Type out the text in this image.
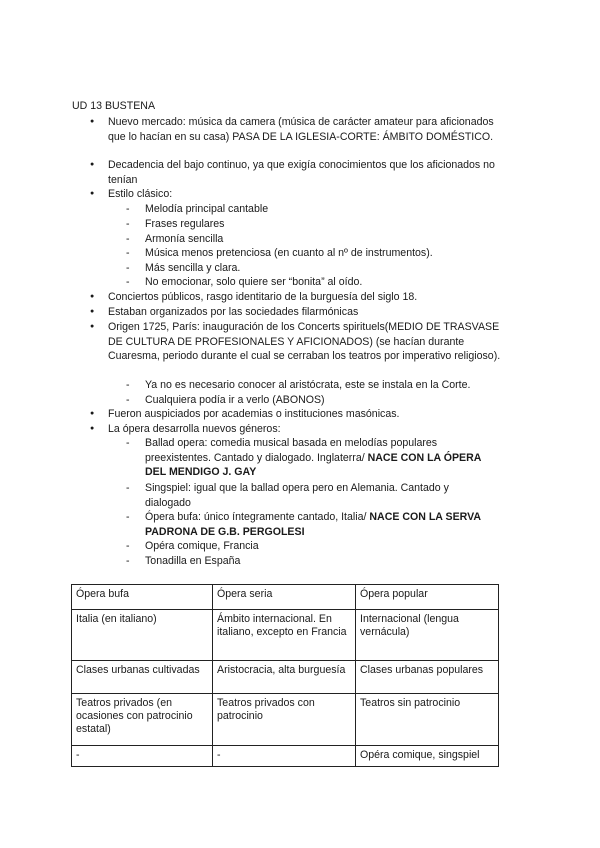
UD 13 BUSTENA
● Nuevo mercado: música da camera (música de carácter amateur para aficionados que lo hacían en su casa) PASA DE LA IGLESIA-CORTE: ÁMBITO DOMÉSTICO.
● Decadencia del bajo continuo, ya que exigía conocimientos que los aficionados no tenían
● Estilo clásico:
- Melodía principal cantable
- Frases regulares
- Armonía sencilla
- Música menos pretenciosa (en cuanto al nº de instrumentos).
- Más sencilla y clara.
- No emocionar, solo quiere ser “bonita” al oído.
● Conciertos públicos, rasgo identitario de la burguesía del siglo 18.
● Estaban organizados por las sociedades filarmónicas
● Origen 1725, París: inauguración de los Concerts spirituels(MEDIO DE TRASVASE DE CULTURA DE PROFESIONALES Y AFICIONADOS) (se hacían durante Cuaresma, periodo durante el cual se cerraban los teatros por imperativo religioso).
- Ya no es necesario conocer al aristócrata, este se instala en la Corte.
- Cualquiera podía ir a verlo (ABONOS)
● Fueron auspiciados por academias o instituciones masónicas.
● La ópera desarrolla nuevos géneros:
- Ballad opera: comedia musical basada en melodías populares preexistentes. Cantado y dialogado. Inglaterra/ NACE CON LA ÓPERA DEL MENDIGO J. GAY
- Singspiel: igual que la ballad opera pero en Alemania. Cantado y dialogado
- Ópera bufa: único íntegramente cantado, Italia/ NACE CON LA SERVA PADRONA DE G.B. PERGOLESI
- Opéra comique, Francia
- Tonadilla en España
Ópera bufa	Ópera seria	Ópera popular
Italia (en italiano)	Ámbito internacional. En italiano, excepto en Francia	Internacional (lengua vernácula)
Clases urbanas cultivadas	Aristocracia, alta burguesía	Clases urbanas populares
Teatros privados (en ocasiones con patrocinio estatal)	Teatros privados con patrocinio	Teatros sin patrocinio
-	-	Opéra comique, singspiel
